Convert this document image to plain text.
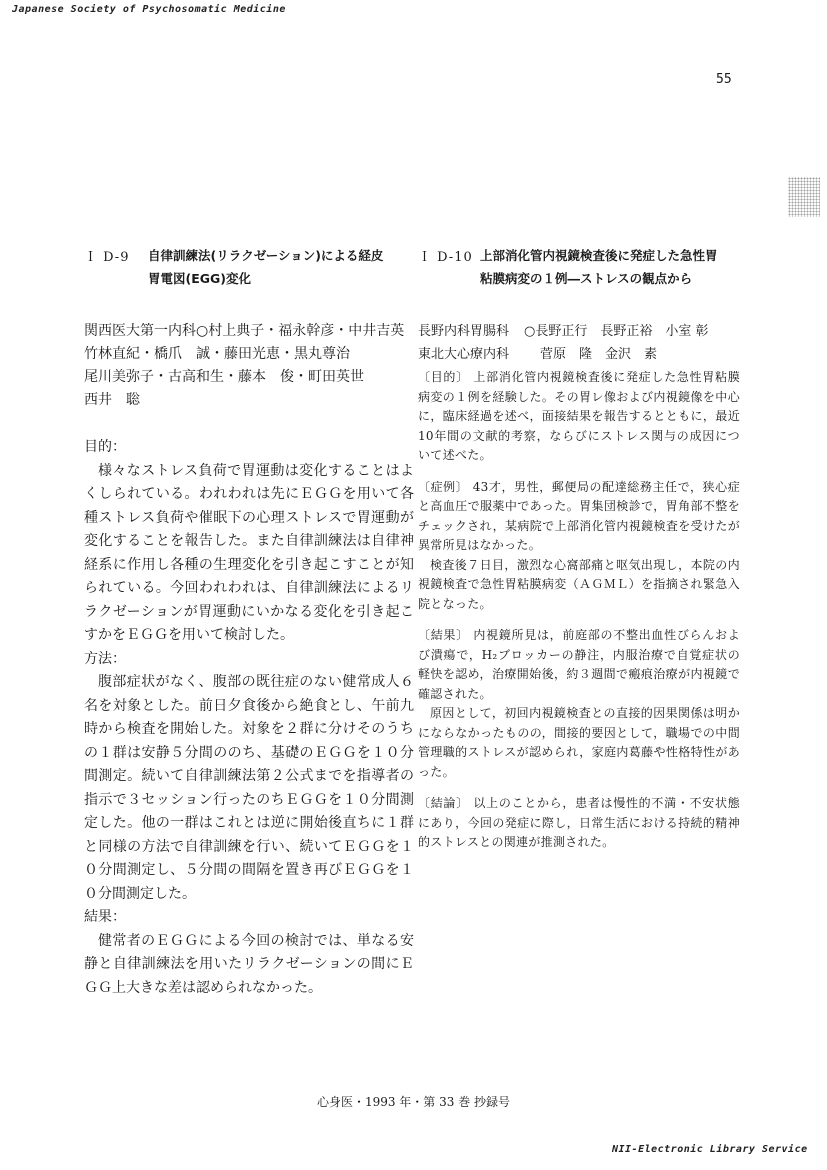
Japanese Society of Psychosomatic Medicine
55
Ｉ D-9 自律訓練法(リラクゼーション)による経皮
胃電図(EGG)変化
関西医大第一内科○村上典子・福永幹彦・中井吉英
竹林直紀・橋爪　誠・藤田光恵・黒丸尊治
尾川美弥子・古高和生・藤本　俊・町田英世
西井　聡

目的：

様々なストレス負荷で胃運動は変化することはよくしられている。われわれは先にＥＧＧを用いて各種ストレス負荷や催眠下の心理ストレスで胃運動が変化することを報告した。また自律訓練法は自律神経系に作用し各種の生理変化を引き起こすことが知られている。今回われわれは、自律訓練法によるリラクゼーションが胃運動にいかなる変化を引き起こすかをＥＧＧを用いて検討した。

方法：

腹部症状がなく、腹部の既往症のない健常成人６名を対象とした。前日夕食後から絶食とし、午前九時から検査を開始した。対象を２群に分けそのうちの１群は安静５分間ののち、基礎のＥＧＧを１０分間測定。続いて自律訓練法第２公式までを指導者の指示で３セッション行ったのちＥＧＧを１０分間測定した。他の一群はこれとは逆に開始後直ちに１群と同様の方法で自律訓練を行い、続いてＥＧＧを１０分間測定し、５分間の間隔を置き再びＥＧＧを１０分間測定した。

結果：

健常者のＥＧＧによる今回の検討では、単なる安静と自律訓練法を用いたリラクゼーションの間にＥＧＧ上大きな差は認められなかった。

Ｉ D-10 上部消化管内視鏡検査後に発症した急性胃
粘膜病変の１例―ストレスの観点から
長野内科胃腸科 ○長野正行　長野正裕　小室 彰
東北大心療内科 菅原　隆　金沢　素

〔目的〕 上部消化管内視鏡検査後に発症した急性胃粘膜病変の１例を経験した。その胃レ像および内視鏡像を中心に，臨床経過を述べ，面接結果を報告するとともに，最近10年間の文献的考察，ならびにストレス関与の成因について述べた。

〔症例〕 43才，男性，郵便局の配達総務主任で，狭心症と高血圧で服薬中であった。胃集団検診で，胃角部不整をチェックされ，某病院で上部消化管内視鏡検査を受けたが異常所見はなかった。

検査後７日目，激烈な心窩部痛と呕気出現し，本院の内視鏡検査で急性胃粘膜病変（ＡＧＭＬ）を指摘され緊急入院となった。

〔結果〕 内視鏡所見は，前庭部の不整出血性びらんおよび潰瘍で，H₂ブロッカーの静注，内服治療で自覚症状の軽快を認め，治療開始後，約３週間で瘢痕治療が内視鏡で確認された。

原因として，初回内視鏡検査との直接的因果関係は明かにならなかったものの，間接的要因として，職場での中間管理職的ストレスが認められ，家庭内葛藤や性格特性があった。

〔結論〕 以上のことから，患者は慢性的不満・不安状態にあり，今回の発症に際し，日常生活における持続的精神的ストレスとの関連が推測された。

心身医・1993 年・第 33 巻 抄録号
NII-Electronic Library Service
